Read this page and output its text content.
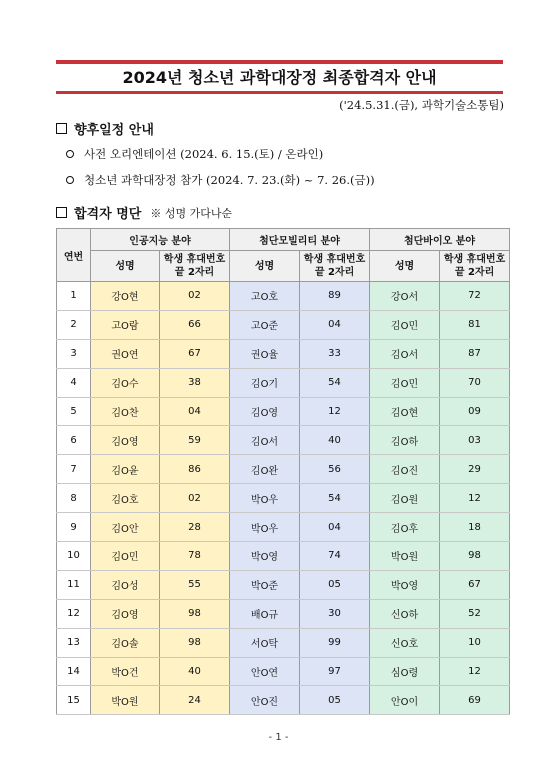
2024년 청소년 과학대장정 최종합격자 안내
('24.5.31.(금), 과학기술소통팀)
향후일정 안내
사전 오리엔테이션 (2024. 6. 15.(토) / 온라인)
청소년 과학대장정 참가 (2024. 7. 23.(화) ~ 7. 26.(금))
합격자 명단 ※ 성명 가다나순
연번	인공지능 분야		첨단모빌리티 분야		첨단바이오 분야	
	성명	학생 휴대번호 끝 2자리	성명	학생 휴대번호 끝 2자리	성명	학생 휴대번호 끝 2자리
1	강O현	02	고O호	89	강O서	72
2	고O람	66	고O준	04	김O민	81
3	권O연	67	권O율	33	김O서	87
4	김O수	38	김O기	54	김O민	70
5	김O찬	04	김O영	12	김O현	09
6	김O영	59	김O서	40	김O하	03
7	김O윤	86	김O완	56	김O진	29
8	김O호	02	박O우	54	김O원	12
9	김O안	28	박O우	04	김O후	18
10	김O민	78	박O영	74	박O원	98
11	김O성	55	박O준	05	박O영	67
12	김O영	98	배O규	30	신O하	52
13	김O솔	98	서O탁	99	신O호	10
14	박O건	40	안O연	97	심O령	12
15	박O원	24	안O진	05	안O이	69
- 1 -
